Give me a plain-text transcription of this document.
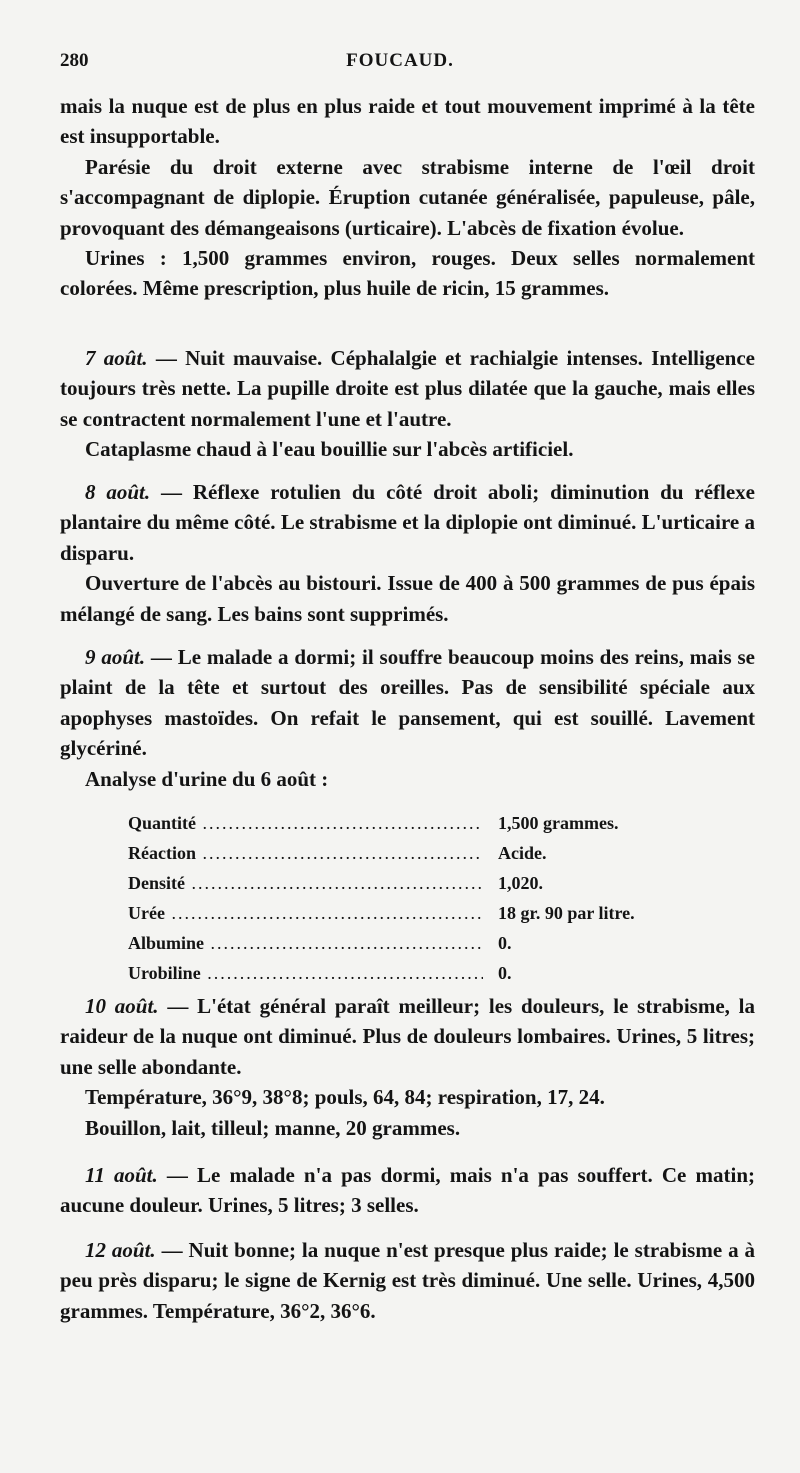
280	FOUCAUD.

mais la nuque est de plus en plus raide et tout mouvement imprimé à la tête est insupportable.

Parésie du droit externe avec strabisme interne de l'œil droit s'accompagnant de diplopie. Éruption cutanée généralisée, papuleuse, pâle, provoquant des démangeaisons (urticaire). L'abcès de fixation évolue.

Urines : 1,500 grammes environ, rouges. Deux selles normalement colorées. Même prescription, plus huile de ricin, 15 grammes.

7 août. — Nuit mauvaise. Céphalalgie et rachialgie intenses. Intelligence toujours très nette. La pupille droite est plus dilatée que la gauche, mais elles se contractent normalement l'une et l'autre.

Cataplasme chaud à l'eau bouillie sur l'abcès artificiel.

8 août. — Réflexe rotulien du côté droit aboli; diminution du réflexe plantaire du même côté. Le strabisme et la diplopie ont diminué. L'urticaire a disparu.

Ouverture de l'abcès au bistouri. Issue de 400 à 500 grammes de pus épais mélangé de sang. Les bains sont supprimés.

9 août. — Le malade a dormi; il souffre beaucoup moins des reins, mais se plaint de la tête et surtout des oreilles. Pas de sensibilité spéciale aux apophyses mastoïdes. On refait le pansement, qui est souillé. Lavement glycériné.

Analyse d'urine du 6 août :

Quantité .....	1,500 grammes.
Réaction .....	Acide.
Densité .....	1,020.
Urée .....	18 gr. 90 par litre.
Albumine .....	0.
Urobiline .....	0.

10 août. — L'état général paraît meilleur; les douleurs, le strabisme, la raideur de la nuque ont diminué. Plus de douleurs lombaires. Urines, 5 litres; une selle abondante.

Température, 36°9, 38°8; pouls, 64, 84; respiration, 17, 24.

Bouillon, lait, tilleul; manne, 20 grammes.

11 août. — Le malade n'a pas dormi, mais n'a pas souffert. Ce matin; aucune douleur. Urines, 5 litres; 3 selles.

12 août. — Nuit bonne; la nuque n'est presque plus raide; le strabisme a à peu près disparu; le signe de Kernig est très diminué. Une selle. Urines, 4,500 grammes. Température, 36°2, 36°6.
